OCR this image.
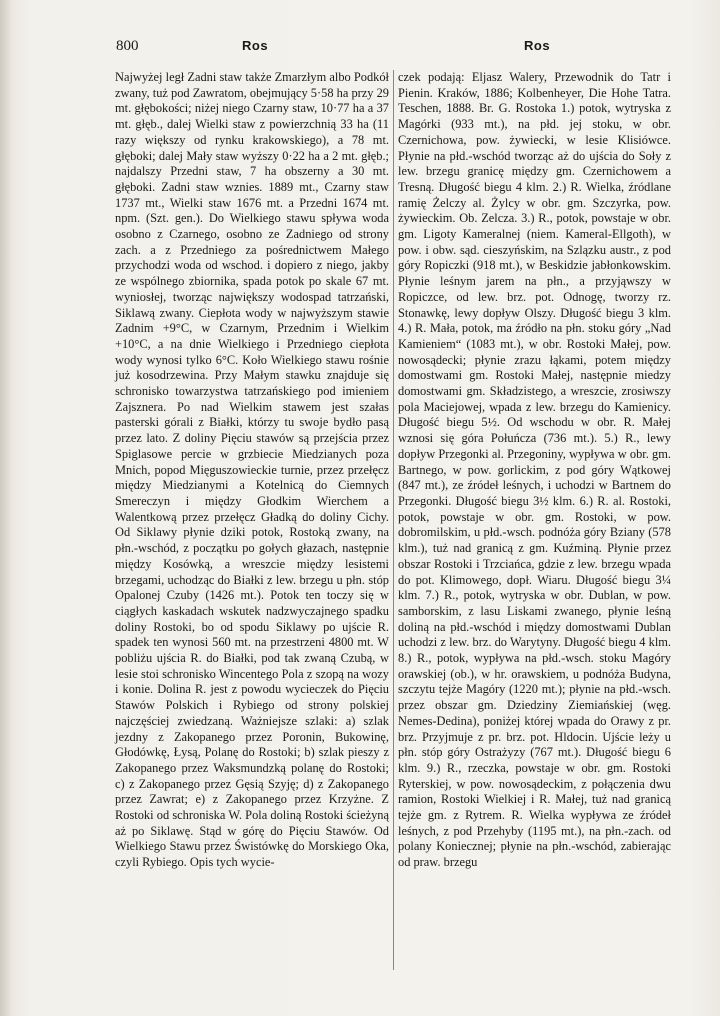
800	Ros	Ros

Najwyżej legł Zadni staw także Zmarzłym albo Podkół zwany, tuż pod Zawratom, obejmujący 5·58 ha przy 29 mt. głębokości; niżej niego Czarny staw, 10·77 ha a 37 mt. głęb., dalej Wielki staw z powierzchnią 33 ha (11 razy większy od rynku krakowskiego), a 78 mt. głęboki; dalej Mały staw wyższy 0·22 ha a 2 mt. głęb.; najdalszy Przedni staw, 7 ha obszerny a 30 mt. głęboki. Zadni staw wznies. 1889 mt., Czarny staw 1737 mt., Wielki staw 1676 mt. a Przedni 1674 mt. npm. (Szt. gen.). Do Wielkiego stawu spływa woda osobno z Czarnego, osobno ze Zadniego od strony zach. a z Przedniego za pośrednictwem Małego przychodzi woda od wschod. i dopiero z niego, jakby ze wspólnego zbiornika, spada potok po skale 67 mt. wyniosłej, tworząc największy wodospad tatrzański, Siklawą zwany. Ciepłota wody w najwyższym stawie Zadnim +9°C, w Czarnym, Przednim i Wielkim +10°C, a na dnie Wielkiego i Przedniego ciepłota wody wynosi tylko 6°C. Koło Wielkiego stawu rośnie już kosodrzewina. Przy Małym stawku znajduje się schronisko towarzystwa tatrzańskiego pod imieniem Zajsznera. Po nad Wielkim stawem jest szałas pasterski górali z Białki, którzy tu swoje bydło pasą przez lato. Z doliny Pięciu stawów są przejścia przez Spiglasowe percie w grzbiecie Miedzianych poza Mnich, popod Mięguszowieckie turnie, przez przełęcz między Miedzianymi a Kotelnicą do Ciemnych Smereczyn i między Głodkim Wierchem a Walentkową przez przełęcz Gładką do doliny Cichy. Od Siklawy płynie dziki potok, Rostoką zwany, na płn.-wschód, z początku po gołych głazach, następnie między Kosówką, a wreszcie między lesistemi brzegami, uchodząc do Białki z lew. brzegu u płn. stóp Opalonej Czuby (1426 mt.). Potok ten toczy się w ciągłych kaskadach wskutek nadzwyczajnego spadku doliny Rostoki, bo od spodu Siklawy po ujście R. spadek ten wynosi 560 mt. na przestrzeni 4800 mt. W pobliżu ujścia R. do Białki, pod tak zwaną Czubą, w lesie stoi schronisko Wincentego Pola z szopą na wozy i konie. Dolina R. jest z powodu wycieczek do Pięciu Stawów Polskich i Rybiego od strony polskiej najczęściej zwiedzaną. Ważniejsze szlaki: a) szlak jezdny z Zakopanego przez Poronin, Bukowinę, Głodówkę, Łysą, Polanę do Rostoki; b) szlak pieszy z Zakopanego przez Waksmundzką polanę do Rostoki; c) z Zakopanego przez Gęsią Szyję; d) z Zakopanego przez Zawrat; e) z Zakopanego przez Krzyżne. Z Rostoki od schroniska W. Pola doliną Rostoki ścieżyną aż po Siklawę. Stąd w górę do Pięciu Stawów. Od Wielkiego Stawu przez Świstówkę do Morskiego Oka, czyli Rybiego. Opis tych wycie-

czek podają: Eljasz Walery, Przewodnik do Tatr i Pienin. Kraków, 1886; Kolbenheyer, Die Hohe Tatra. Teschen, 1888. Br. G. Rostoka 1.) potok, wytryska z Magórki (933 mt.), na płd. jej stoku, w obr. Czernichowa, pow. żywiecki, w lesie Klisiówce. Płynie na płd.-wschód tworząc aż do ujścia do Soły z lew. brzegu granicę między gm. Czernichowem a Tresną. Długość biegu 4 klm. 2.) R. Wielka, źródlane ramię Żelczy al. Żylcy w obr. gm. Szczyrka, pow. żywieckim. Ob. Zelcza. 3.) R., potok, powstaje w obr. gm. Ligoty Kameralnej (niem. Kameral-Ellgoth), w pow. i obw. sąd. cieszyńskim, na Szlązku austr., z pod góry Ropiczki (918 mt.), w Beskidzie jabłonkowskim. Płynie leśnym jarem na płn., a przyjąwszy w Ropiczce, od lew. brz. pot. Odnogę, tworzy rz. Stonawkę, lewy dopływ Olszy. Długość biegu 3 klm. 4.) R. Mała, potok, ma źródło na płn. stoku góry „Nad Kamieniem“ (1083 mt.), w obr. Rostoki Małej, pow. nowosądecki; płynie zrazu łąkami, potem między domostwami gm. Rostoki Małej, następnie miedzy domostwami gm. Składzistego, a wreszcie, zrosiwszy pola Maciejowej, wpada z lew. brzegu do Kamienicy. Długość biegu 5½. Od wschodu w obr. R. Małej wznosi się góra Połuńcza (736 mt.). 5.) R., lewy dopływ Przegonki al. Przegoniny, wypływa w obr. gm. Bartnego, w pow. gorlickim, z pod góry Wątkowej (847 mt.), ze źródeł leśnych, i uchodzi w Bartnem do Przegonki. Długość biegu 3½ klm. 6.) R. al. Rostoki, potok, powstaje w obr. gm. Rostoki, w pow. dobromilskim, u płd.-wsch. podnóża góry Bziany (578 klm.), tuż nad granicą z gm. Kuźminą. Płynie przez obszar Rostoki i Trzciańca, gdzie z lew. brzegu wpada do pot. Klimowego, dopł. Wiaru. Długość biegu 3¼ klm. 7.) R., potok, wytryska w obr. Dublan, w pow. samborskim, z lasu Liskami zwanego, płynie leśną doliną na płd.-wschód i między domostwami Dublan uchodzi z lew. brz. do Warytyny. Długość biegu 4 klm. 8.) R., potok, wypływa na płd.-wsch. stoku Magóry orawskiej (ob.), w hr. orawskiem, u podnóża Budyna, szczytu tejże Magóry (1220 mt.); płynie na płd.-wsch. przez obszar gm. Dziedziny Ziemiańskiej (węg. Nemes-Dedina), poniżej której wpada do Orawy z pr. brz. Przyjmuje z pr. brz. pot. Hldocin. Ujście leży u płn. stóp góry Ostrażyzy (767 mt.). Długość biegu 6 klm. 9.) R., rzeczka, powstaje w obr. gm. Rostoki Ryterskiej, w pow. nowosądeckim, z połączenia dwu ramion, Rostoki Wielkiej i R. Małej, tuż nad granicą tejże gm. z Rytrem. R. Wielka wypływa ze źródeł leśnych, z pod Przehyby (1195 mt.), na płn.-zach. od polany Koniecznej; płynie na płn.-wschód, zabierając od praw. brzegu
